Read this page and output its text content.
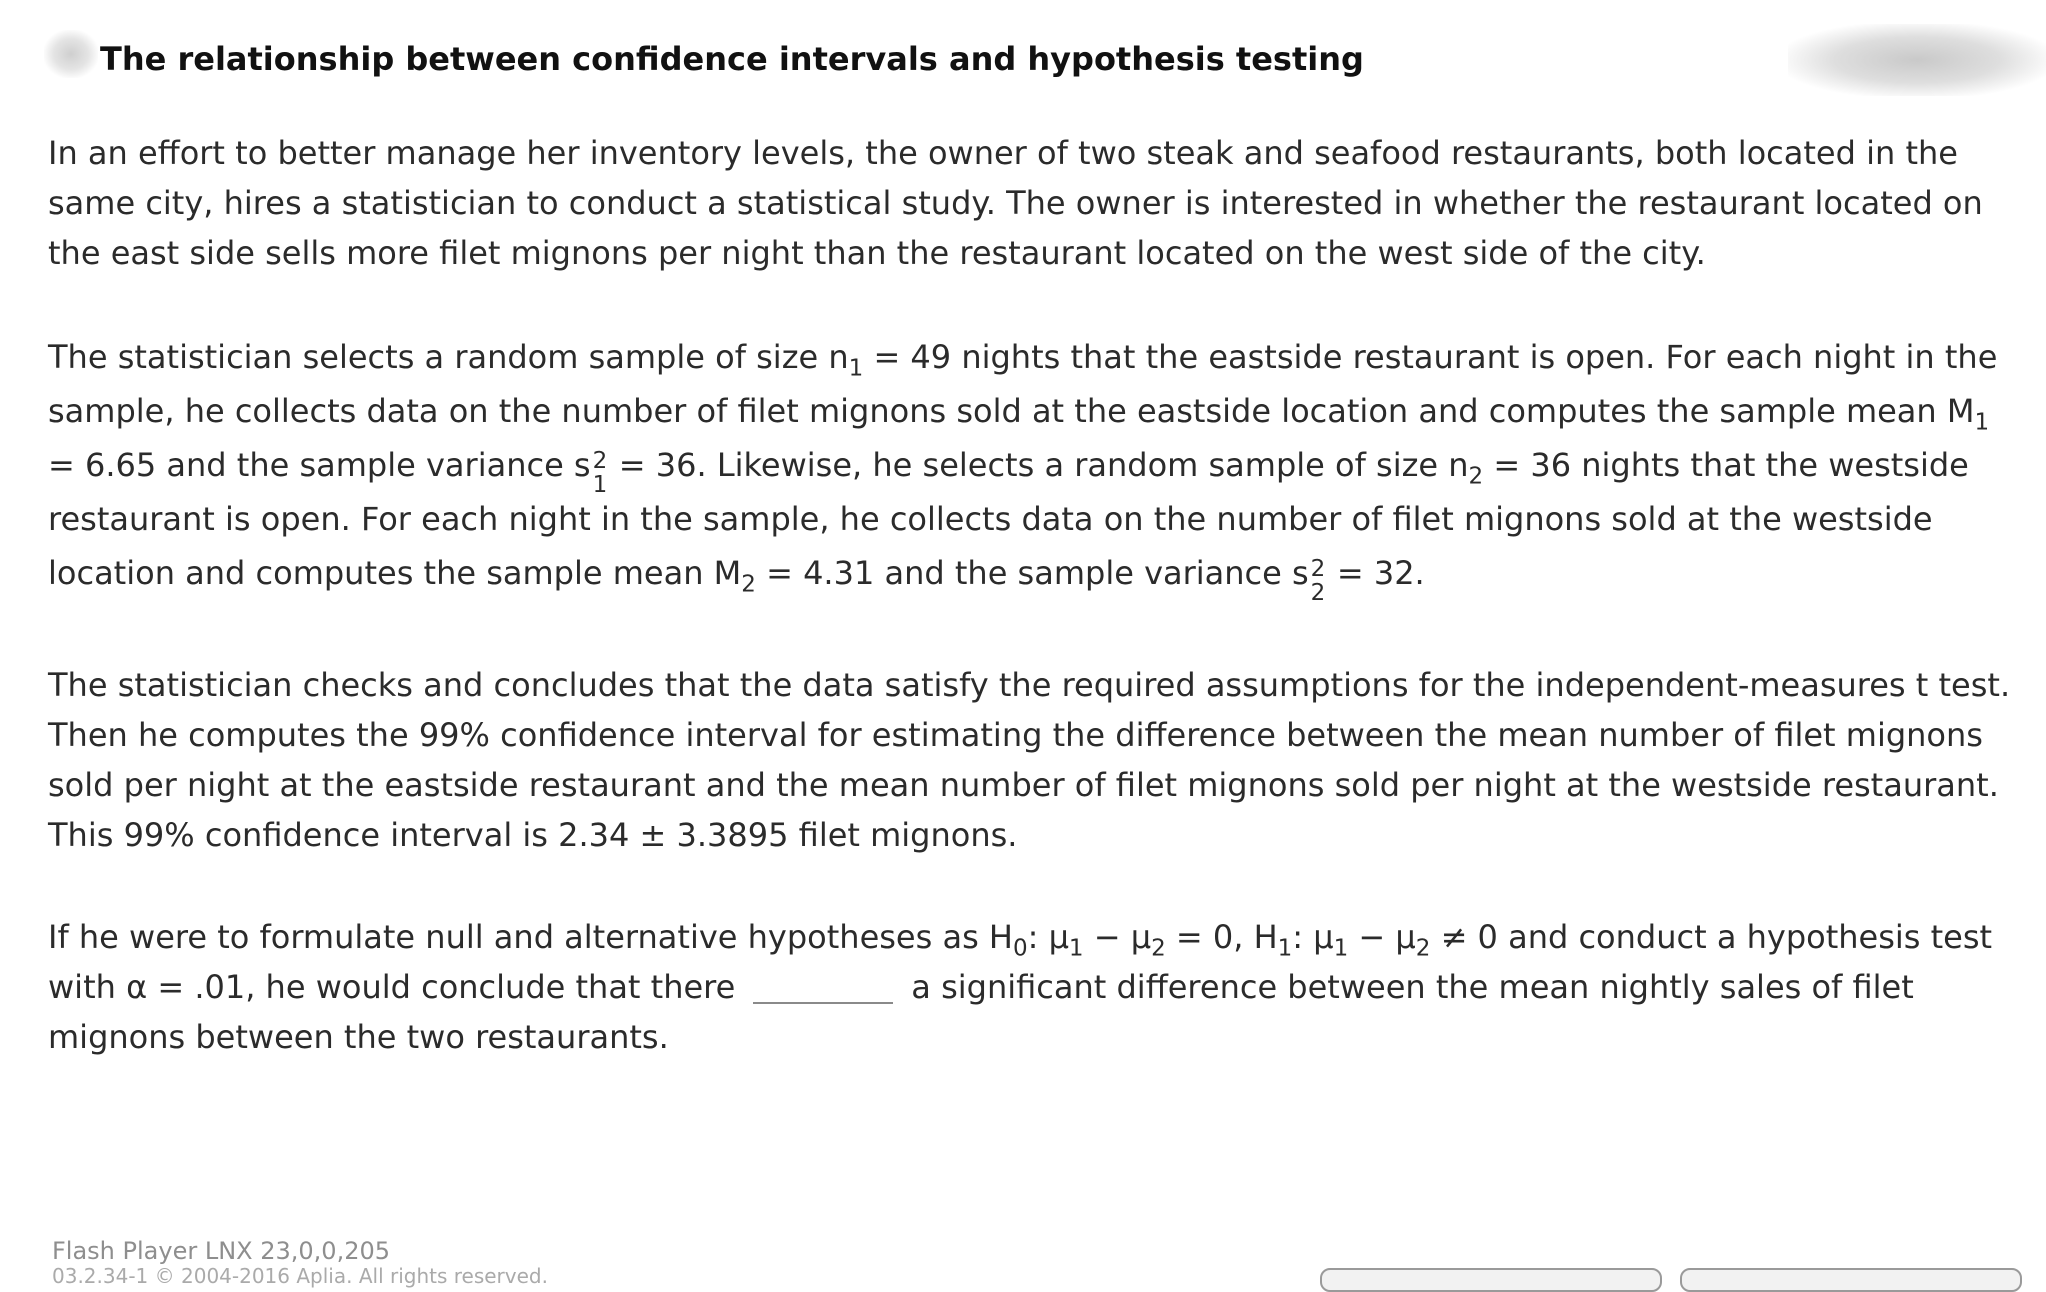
The relationship between confidence intervals and hypothesis testing

In an effort to better manage her inventory levels, the owner of two steak and seafood restaurants, both located in the same city, hires a statistician to conduct a statistical study. The owner is interested in whether the restaurant located on the east side sells more filet mignons per night than the restaurant located on the west side of the city.

The statistician selects a random sample of size $n_1 = 49$ nights that the eastside restaurant is open. For each night in the sample, he collects data on the number of filet mignons sold at the eastside location and computes the sample mean $M_1 = 6.65$ and the sample variance s 2
1
= 36. Likewise, he selects a random sample of size $n_2 = 36$ nights that the westside restaurant is open. For each night in the sample, he collects data on the number of filet mignons sold at the westside location and computes the sample mean $M_2 = 4.31$ and the sample variance s 2
2
= 32.

The statistician checks and concludes that the data satisfy the required assumptions for the independent-measures t test. Then he computes the 99% confidence interval for estimating the difference between the mean number of filet mignons sold per night at the eastside restaurant and the mean number of filet mignons sold per night at the westside restaurant. This 99% confidence interval is 2.34 ± 3.3895 filet mignons.

If he were to formulate null and alternative hypotheses as $H_0$: $\mu_1 - \mu_2 = 0$, $H_1$: $\mu_1 - \mu_2 \ne 0$ and conduct a hypothesis test with α = .01, he would conclude that there	a significant difference between the mean nightly sales of filet mignons between the two restaurants.

Flash Player LNX 23,0,0,205

03.2.34-1 © 2004-2016 Aplia. All rights reserved.
